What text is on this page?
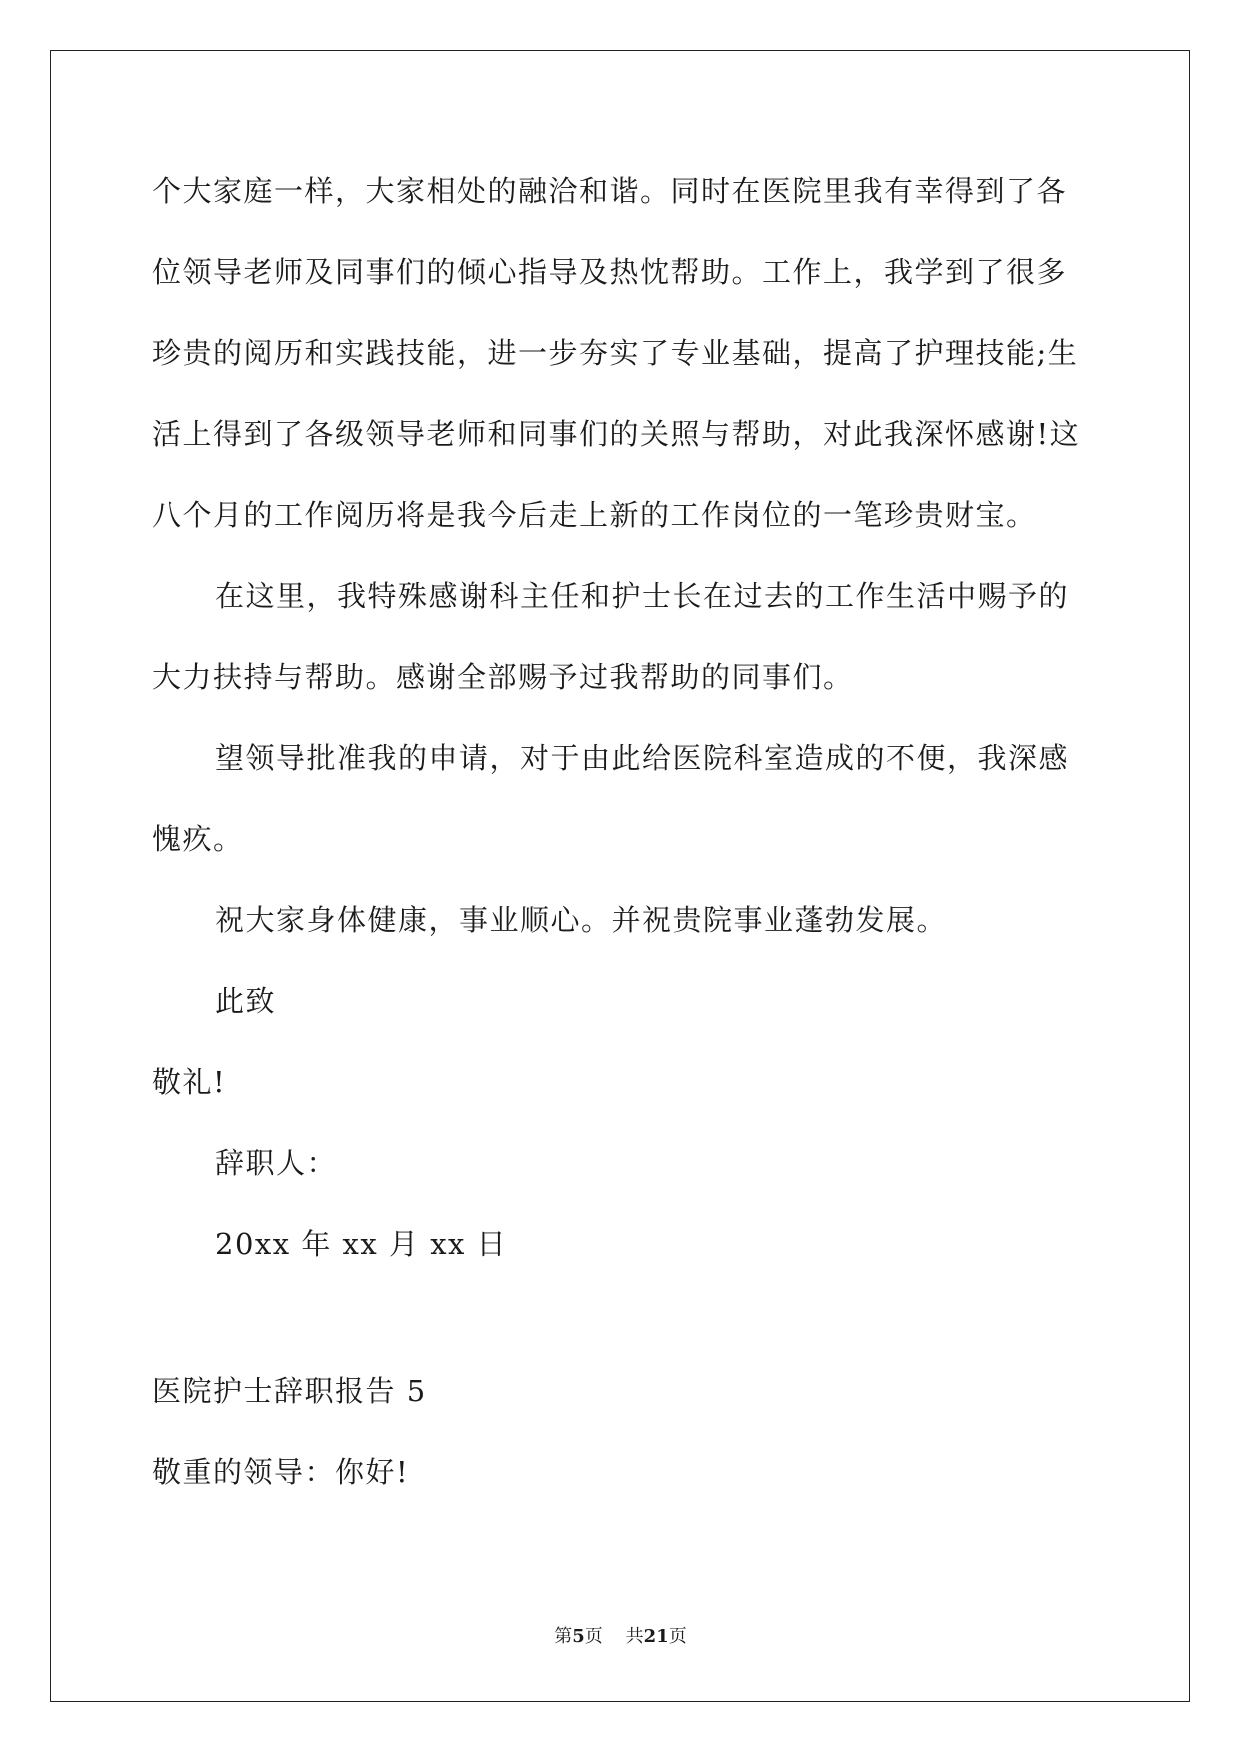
个大家庭一样，大家相处的融洽和谐。同时在医院里我有幸得到了各
位领导老师及同事们的倾心指导及热忱帮助。工作上，我学到了很多
珍贵的阅历和实践技能，进一步夯实了专业基础，提高了护理技能;生
活上得到了各级领导老师和同事们的关照与帮助，对此我深怀感谢!这
八个月的工作阅历将是我今后走上新的工作岗位的一笔珍贵财宝。
在这里，我特殊感谢科主任和护士长在过去的工作生活中赐予的
大力扶持与帮助。感谢全部赐予过我帮助的同事们。
望领导批准我的申请，对于由此给医院科室造成的不便，我深感
愧疚。
祝大家身体健康，事业顺心。并祝贵院事业蓬勃发展。
此致
敬礼!
辞职人：
20xx 年 xx 月 xx 日
医院护士辞职报告 5
敬重的领导：你好!
第5页 共21页
